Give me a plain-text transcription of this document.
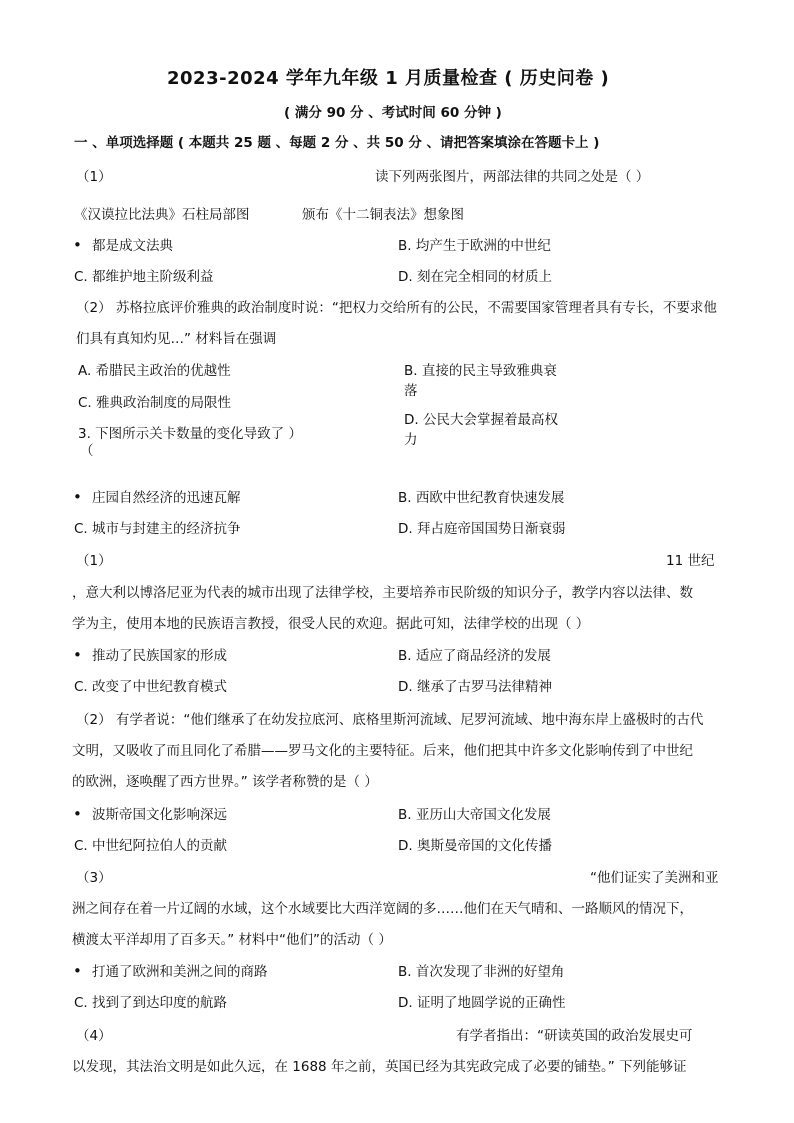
2023-2024 学年九年级 1 月质量检查 ( 历史问卷 )
( 满分 90 分 、考试时间 60 分钟 )
一 、单项选择题 ( 本题共 25 题 、每题 2 分 、共 50 分 、请把答案填涂在答题卡上 )
（1）	读下列两张图片，两部法律的共同之处是（ ）
《汉谟拉比法典》石柱局部图	颁布《十二铜表法》想象图
• 都是成文法典	B. 均产生于欧洲的中世纪
C. 都维护地主阶级利益	D. 刻在完全相同的材质上
（2） 苏格拉底评价雅典的政治制度时说：“把权力交给所有的公民，不需要国家管理者具有专长，不要求他
们具有真知灼见…” 材料旨在强调
A. 希腊民主政治的优越性	B. 直接的民主导致雅典衰
落
C. 雅典政治制度的局限性
D. 公民大会掌握着最高权
力
3. 下图所示关卡数量的变化导致了 ）
（
• 庄园自然经济的迅速瓦解	B. 西欧中世纪教育快速发展
C. 城市与封建主的经济抗争	D. 拜占庭帝国国势日渐衰弱
（1）	11 世纪
，意大利以博洛尼亚为代表的城市出现了法律学校，主要培养市民阶级的知识分子，教学内容以法律、数
学为主，使用本地的民族语言教授，很受人民的欢迎。据此可知，法律学校的出现（ ）
• 推动了民族国家的形成	B. 适应了商品经济的发展
C. 改变了中世纪教育模式	D. 继承了古罗马法律精神
（2） 有学者说：“他们继承了在幼发拉底河、底格里斯河流域、尼罗河流域、地中海东岸上盛极时的古代
文明，又吸收了而且同化了希腊——罗马文化的主要特征。后来，他们把其中许多文化影响传到了中世纪
的欧洲，逐唤醒了西方世界。” 该学者称赞的是（ ）
• 波斯帝国文化影响深远	B. 亚历山大帝国文化发展
C. 中世纪阿拉伯人的贡献	D. 奥斯曼帝国的文化传播
（3）	“他们证实了美洲和亚
洲之间存在着一片辽阔的水域，这个水域要比大西洋宽阔的多……他们在天气晴和、一路顺风的情况下，
横渡太平洋却用了百多天。” 材料中“他们”的活动（ ）
• 打通了欧洲和美洲之间的商路	B. 首次发现了非洲的好望角
C. 找到了到达印度的航路	D. 证明了地圆学说的正确性
（4）	有学者指出：“研读英国的政治发展史可
以发现，其法治文明是如此久远，在 1688 年之前，英国已经为其宪政完成了必要的铺垫。” 下列能够证
